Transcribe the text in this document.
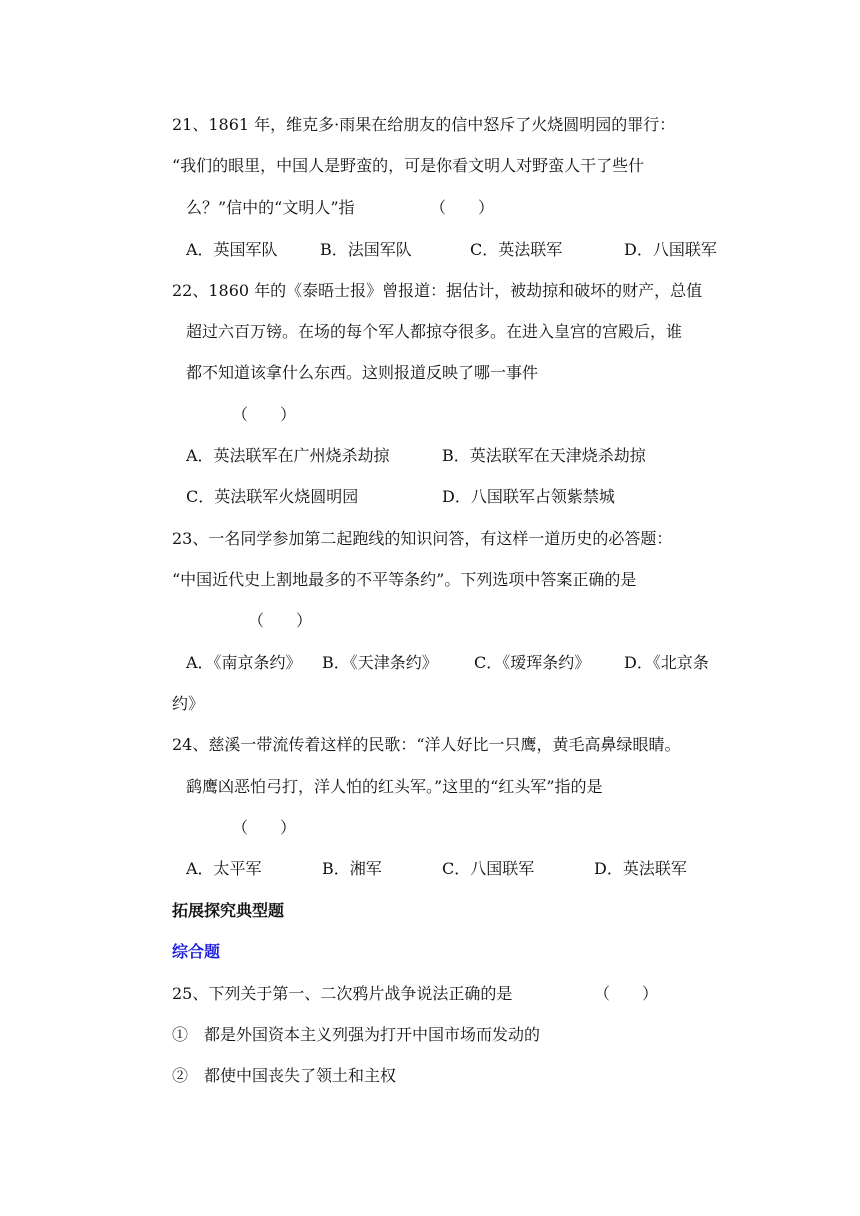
21、1861 年，维克多·雨果在给朋友的信中怒斥了火烧圆明园的罪行：
“我们的眼里，中国人是野蛮的，可是你看文明人对野蛮人干了些什
么？”信中的“文明人”指	（　　）
A．英国军队	B．法国军队	C．英法联军	D．八国联军
22、1860 年的《泰晤士报》曾报道：据估计，被劫掠和破坏的财产，总值
超过六百万镑。在场的每个军人都掠夺很多。在进入皇宫的宫殿后，谁
都不知道该拿什么东西。这则报道反映了哪一事件
（　　）
A．英法联军在广州烧杀劫掠	B．英法联军在天津烧杀劫掠
C．英法联军火烧圆明园	D．八国联军占领紫禁城
23、一名同学参加第二起跑线的知识问答，有这样一道历史的必答题：
“中国近代史上割地最多的不平等条约”。下列选项中答案正确的是
（　　）
A．《南京条约》 B．《天津条约》 C．《瑷珲条约》 D．《北京条
约》
24、慈溪一带流传着这样的民歌：“洋人好比一只鹰，黄毛高鼻绿眼睛。
鹞鹰凶恶怕弓打，洋人怕的红头军。”这里的“红头军”指的是
（　　）
A．太平军	B．湘军	C．八国联军	D．英法联军
拓展探究典型题
综合题
25、下列关于第一、二次鸦片战争说法正确的是	（　　）
①　都是外国资本主义列强为打开中国市场而发动的
②　都使中国丧失了领土和主权
